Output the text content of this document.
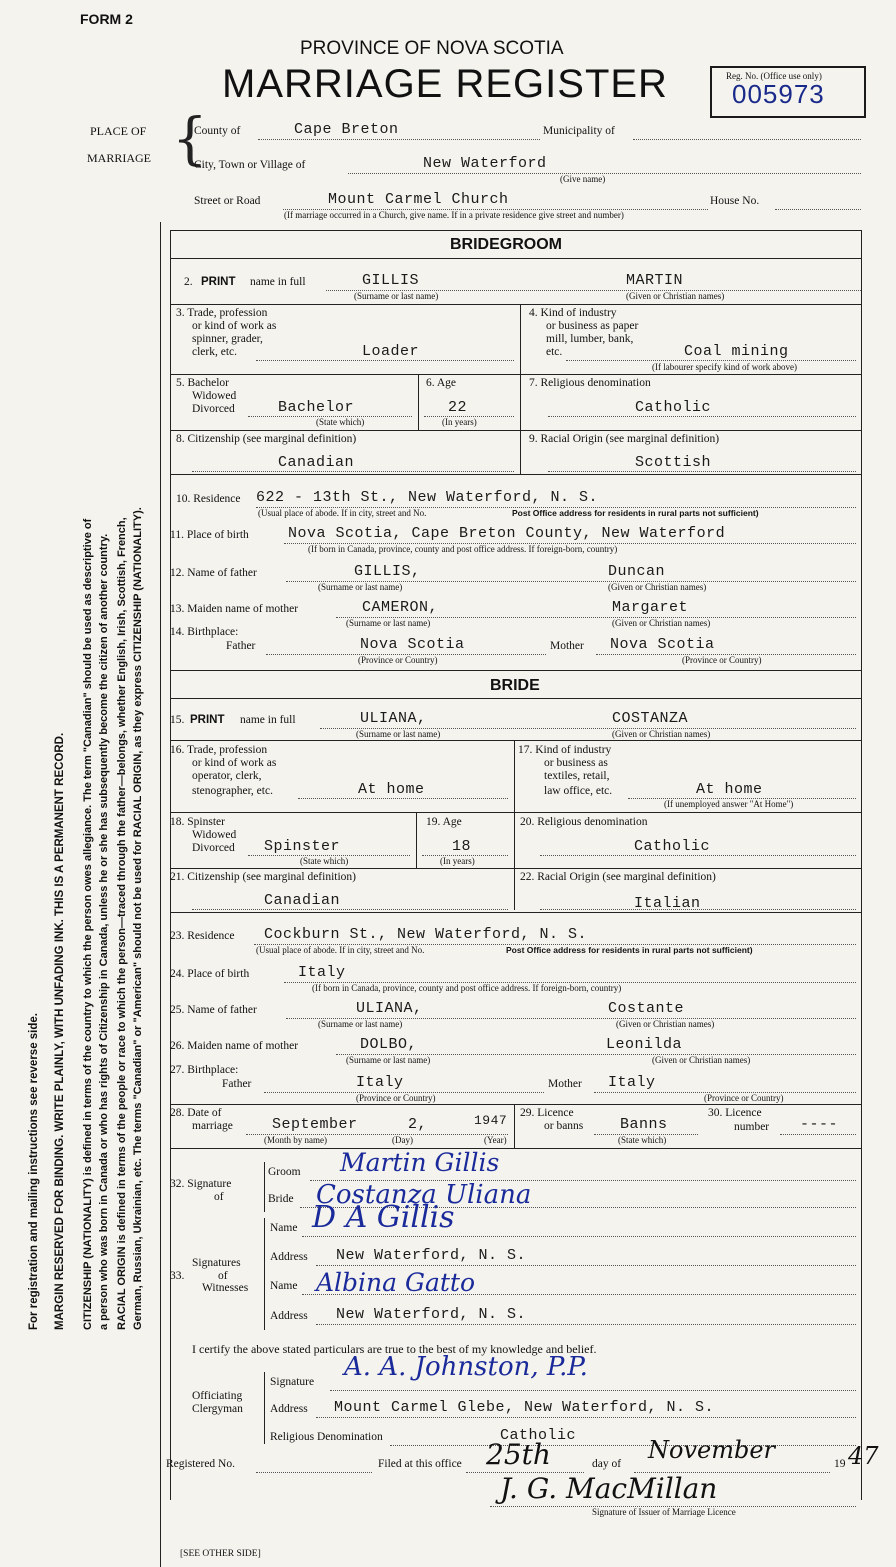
FORM 2
PROVINCE OF NOVA SCOTIA
MARRIAGE REGISTER	Reg. No. (Office use only)
005973
For registration and mailing instructions see reverse side. MARGIN RESERVED FOR BINDING. WRITE PLAINLY, WITH UNFADING INK. THIS IS A PERMANENT RECORD. CITIZENSHIP (NATIONALITY) is defined in terms of the country to which the person owes allegiance. The term "Canadian" should be used as descriptive of a person who was born in Canada or who has rights of Citizenship in Canada, unless he or she has subsequently become the citizen of another country. RACIAL ORIGIN is defined in terms of the people or race to which the person—traced through the father—belongs, whether English, Irish, Scottish, French, German, Russian, Ukrainian, etc. The terms "Canadian" or "American" should not be used for RACIAL ORIGIN, as they express CITIZENSHIP (NATIONALITY).
PLACE OF
MARRIAGE {
County of	Cape Breton	Municipality of
City, Town or Village of	New Waterford
(Give name)
Street or Road	Mount Carmel Church	House No.
(If marriage occurred in a Church, give name. If in a private residence give street and number)
BRIDEGROOM
2. PRINT name in full	GILLIS	MARTIN
(Surname or last name)	(Given or Christian names)
3. Trade, profession
or kind of work as
spinner, grader,
clerk, etc.	Loader
4. Kind of industry
or business as paper
mill, lumber, bank,
etc.	Coal mining
(If labourer specify kind of work above)
5. Bachelor
Widowed
Divorced	Bachelor
(State which)
6. Age
22
(In years)
7. Religious denomination
Catholic
8. Citizenship (see marginal definition)
Canadian
9. Racial Origin (see marginal definition)
Scottish
10. Residence 622 - 13th St., New Waterford, N. S.
(Usual place of abode. If in city, street and No.	Post Office address for residents in rural parts not sufficient)
11. Place of birth	Nova Scotia, Cape Breton County, New Waterford
(If born in Canada, province, county and post office address. If foreign-born, country)
12. Name of father	GILLIS,	Duncan
(Surname or last name)	(Given or Christian names)
13. Maiden name of mother	CAMERON,	Margaret
(Surname or last name)	(Given or Christian names)
14. Birthplace:
Father	Nova Scotia
(Province or Country)
Mother Nova Scotia
(Province or Country)
BRIDE
15. PRINT name in full	ULIANA,	COSTANZA
(Surname or last name)	(Given or Christian names)
16. Trade, profession
or kind of work as
operator, clerk,
stenographer, etc.	At home
17. Kind of industry
or business as
textiles, retail,
law office, etc.	At home
(If unemployed answer "At Home")
18. Spinster
Widowed
Divorced Spinster
(State which)
19. Age
18
(In years)
20. Religious denomination
Catholic
21. Citizenship (see marginal definition)
Canadian
22. Racial Origin (see marginal definition)
Italian
23. Residence Cockburn St., New Waterford, N. S.
(Usual place of abode. If in city, street and No.	Post Office address for residents in rural parts not sufficient)
24. Place of birth	Italy
(If born in Canada, province, county and post office address. If foreign-born, country)
25. Name of father	ULIANA,	Costante
(Surname or last name)	(Given or Christian names)
26. Maiden name of mother	DOLBO,	Leonilda
(Surname or last name)	(Given or Christian names)
27. Birthplace:
Father	Italy
(Province or Country)
Mother Italy
(Province or Country)
28. Date of
marriage	September	2,	1947
(Month by name)	(Day)	(Year)
29. Licence
or banns Banns
(State which)
30. Licence
number ----
32. Signature
of
Groom Martin Gillis
Bride Costanza Uliana
33.
Signatures
of
Witnesses
Name D A Gillis
Address New Waterford, N. S.
Name Albina Gatto
Address New Waterford, N. S.
I certify the above stated particulars are true to the best of my knowledge and belief.
Officiating
Clergyman
Signature A. A. Johnston, P.P.
Address Mount Carmel Glebe, New Waterford, N. S.
Religious Denomination	Catholic
Registered No.	Filed at this office 25th	day of November	19 47
J. G. MacMillan
Signature of Issuer of Marriage Licence
[SEE OTHER SIDE]
